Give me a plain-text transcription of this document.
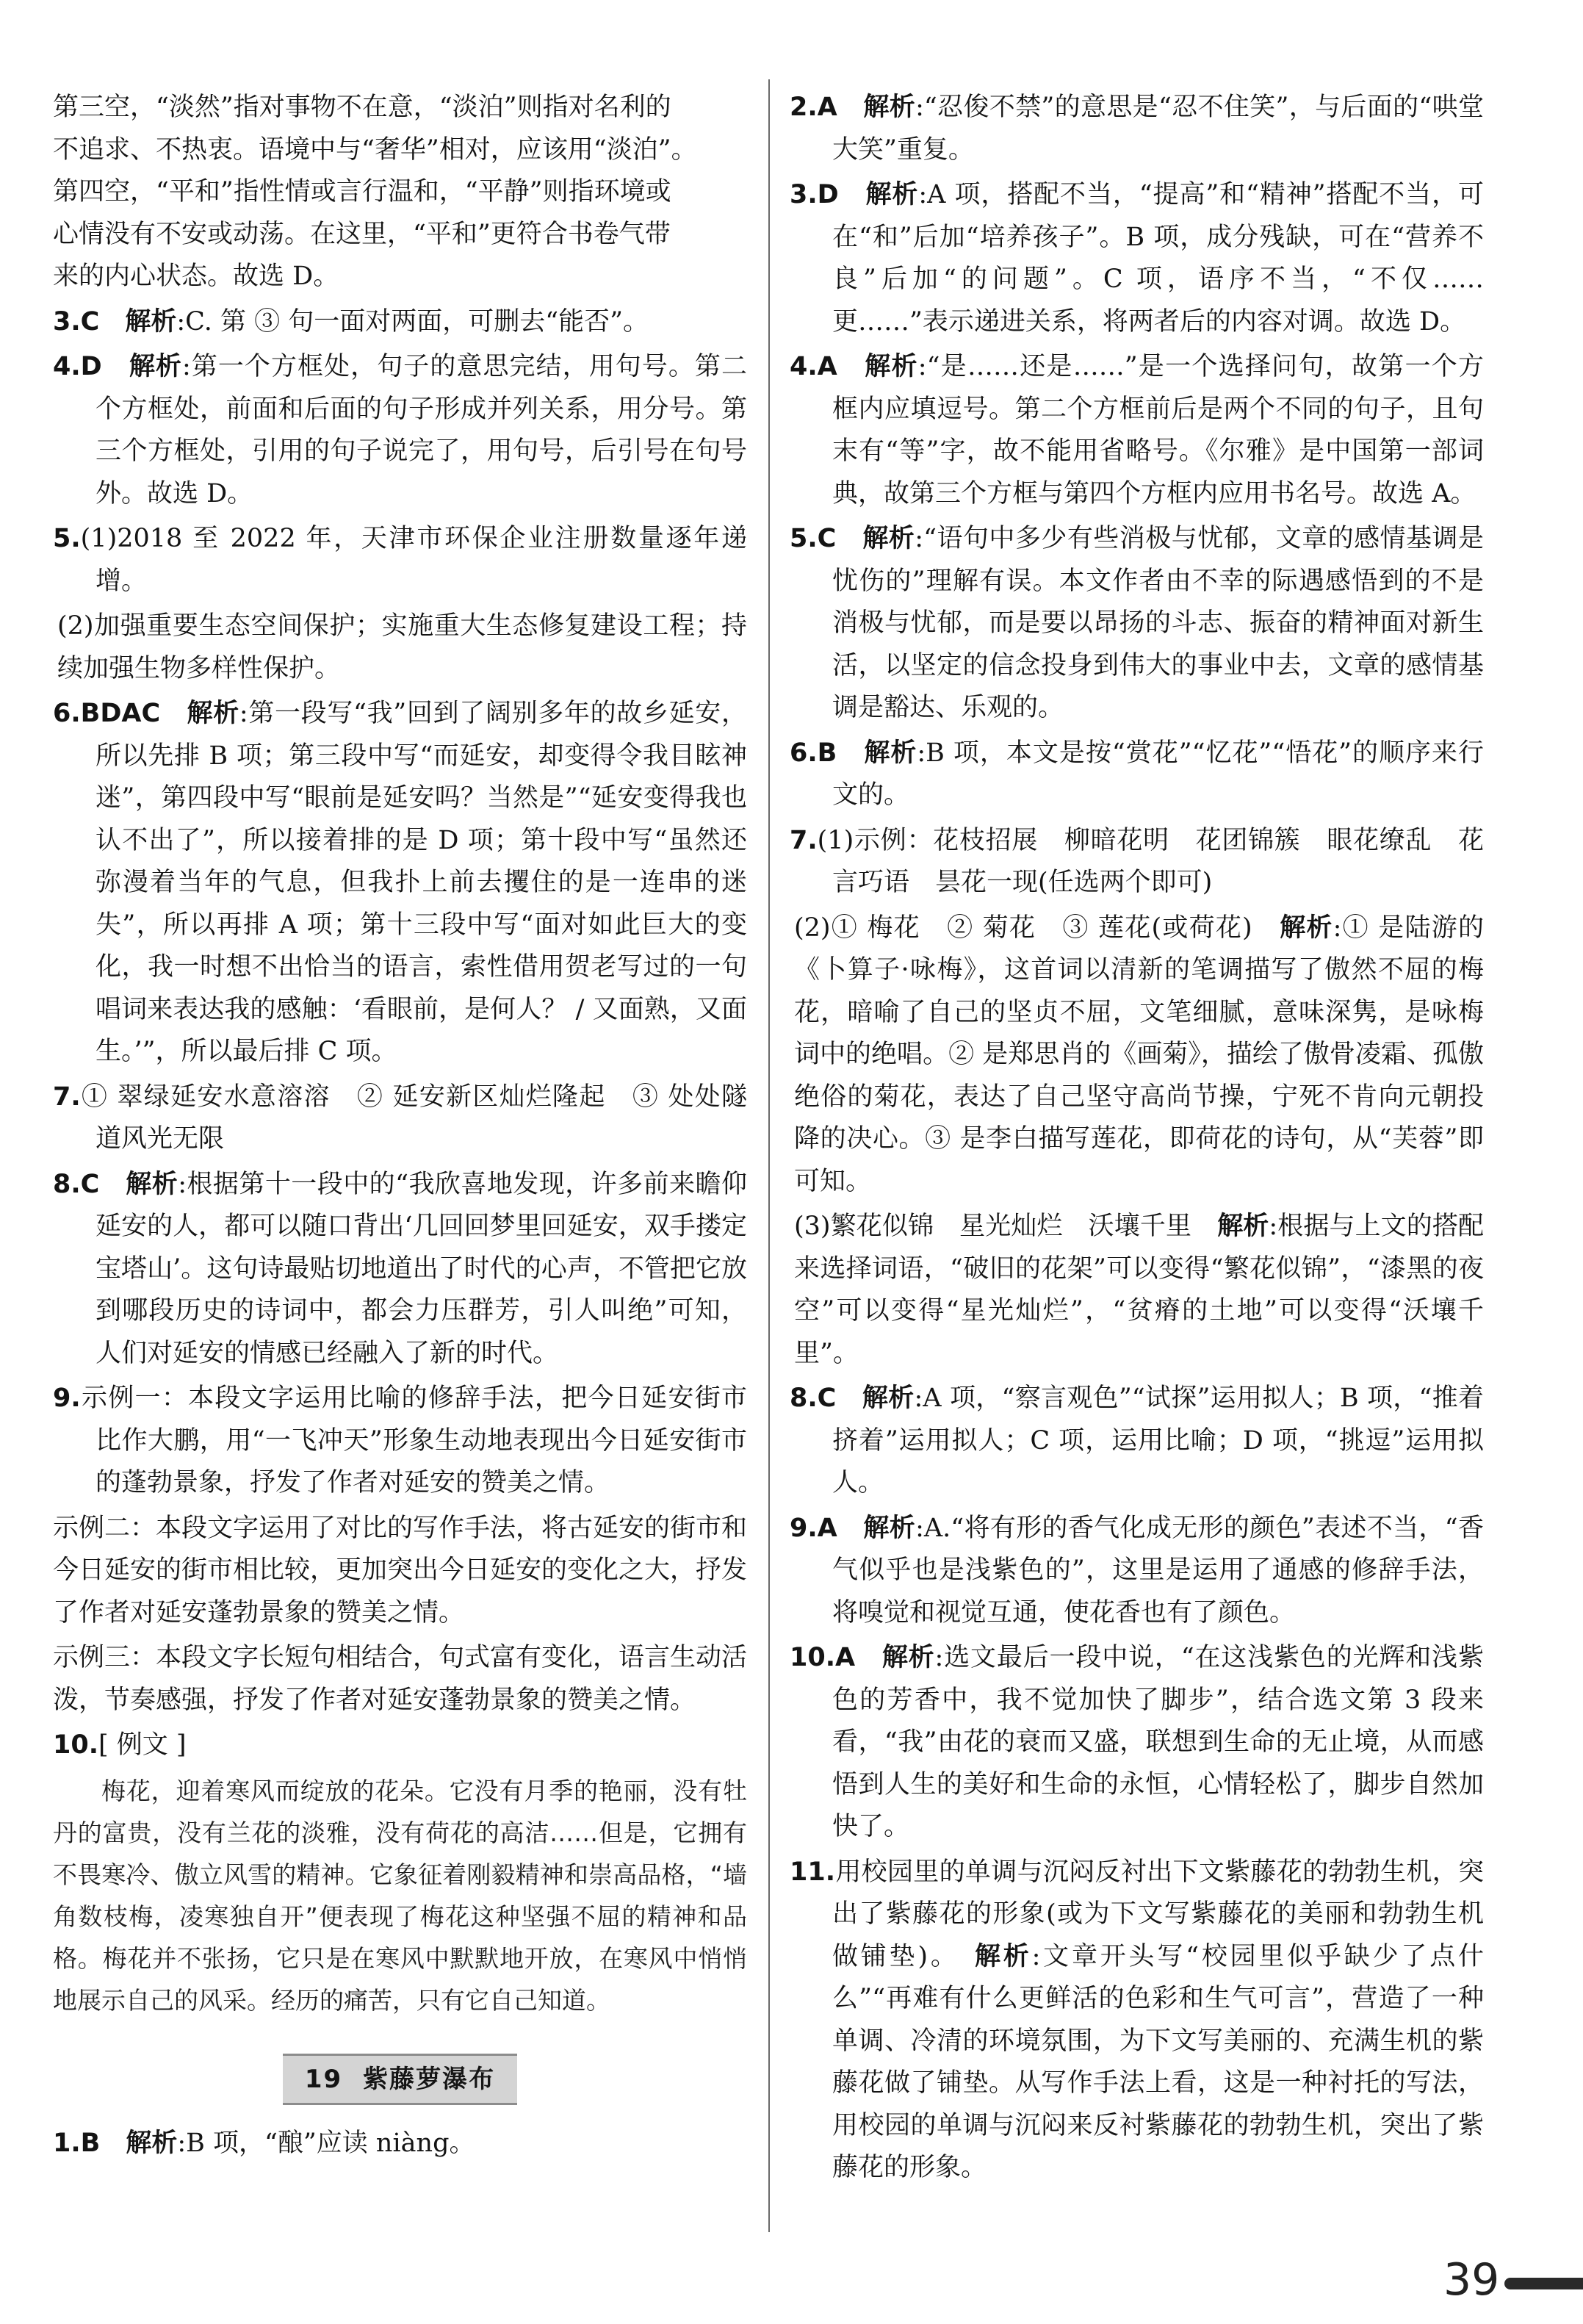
第三空，“淡然”指对事物不在意，“淡泊”则指对名利的
不追求、不热衷。语境中与“奢华”相对，应该用“淡泊”。
第四空，“平和”指性情或言行温和，“平静”则指环境或
心情没有不安或动荡。在这里，“平和”更符合书卷气带
来的内心状态。故选 D。
3.C　 解析:C. 第 ③ 句一面对两面，可删去“能否”。
4.D　 解析:第一个方框处，句子的意思完结，用句号。第二个方框处，前面和后面的句子形成并列关系，用分号。第三个方框处，引用的句子说完了，用句号，后引号在句号外。故选 D。
5.(1)2018 至 2022 年，天津市环保企业注册数量逐年递增。
(2)加强重要生态空间保护；实施重大生态修复建设工程；持续加强生物多样性保护。
6.BDAC　 解析:第一段写“我”回到了阔别多年的故乡延安，所以先排 B 项；第三段中写“而延安，却变得令我目眩神迷”，第四段中写“眼前是延安吗？当然是”“延安变得我也认不出了”，所以接着排的是 D 项；第十段中写“虽然还弥漫着当年的气息，但我扑上前去攫住的是一连串的迷失”，所以再排 A 项；第十三段中写“面对如此巨大的变化，我一时想不出恰当的语言，索性借用贺老写过的一句唱词来表达我的感触：‘看眼前，是何人？ / 又面熟，又面生。’”，所以最后排 C 项。
7.① 翠绿延安水意溶溶　② 延安新区灿烂隆起　③ 处处隧道风光无限
8.C　 解析:根据第十一段中的“我欣喜地发现，许多前来瞻仰延安的人，都可以随口背出‘几回回梦里回延安，双手搂定宝塔山’。这句诗最贴切地道出了时代的心声，不管把它放到哪段历史的诗词中，都会力压群芳，引人叫绝”可知，人们对延安的情感已经融入了新的时代。
9.示例一：本段文字运用比喻的修辞手法，把今日延安街市比作大鹏，用“一飞冲天”形象生动地表现出今日延安街市的蓬勃景象，抒发了作者对延安的赞美之情。
示例二：本段文字运用了对比的写作手法，将古延安的街市和今日延安的街市相比较，更加突出今日延安的变化之大，抒发了作者对延安蓬勃景象的赞美之情。
示例三：本段文字长短句相结合，句式富有变化，语言生动活泼，节奏感强，抒发了作者对延安蓬勃景象的赞美之情。
10.[ 例文 ]
梅花，迎着寒风而绽放的花朵。它没有月季的艳丽，没有牡丹的富贵，没有兰花的淡雅，没有荷花的高洁……但是，它拥有不畏寒冷、傲立风雪的精神。它象征着刚毅精神和崇高品格，“墙角数枝梅，凌寒独自开”便表现了梅花这种坚强不屈的精神和品格。梅花并不张扬，它只是在寒风中默默地开放，在寒风中悄悄地展示自己的风采。经历的痛苦，只有它自己知道。
19 紫藤萝瀑布
1.B　 解析:B 项，“酿”应读 niàng。
2.A　 解析:“忍俊不禁”的意思是“忍不住笑”，与后面的“哄堂大笑”重复。
3.D　 解析:A 项，搭配不当，“提高”和“精神”搭配不当，可在“和”后加“培养孩子”。B 项，成分残缺，可在“营养不良”后加“的问题”。C 项，语序不当，“不仅……更……”表示递进关系，将两者后的内容对调。故选 D。
4.A　 解析:“是……还是……”是一个选择问句，故第一个方框内应填逗号。第二个方框前后是两个不同的句子，且句末有“等”字，故不能用省略号。《尔雅》是中国第一部词典，故第三个方框与第四个方框内应用书名号。故选 A。
5.C　 解析:“语句中多少有些消极与忧郁，文章的感情基调是忧伤的”理解有误。本文作者由不幸的际遇感悟到的不是消极与忧郁，而是要以昂扬的斗志、振奋的精神面对新生活，以坚定的信念投身到伟大的事业中去，文章的感情基调是豁达、乐观的。
6.B　 解析:B 项，本文是按“赏花”“忆花”“悟花”的顺序来行文的。
7.(1)示例：花枝招展　柳暗花明　花团锦簇　眼花缭乱　花言巧语　昙花一现(任选两个即可)
(2)① 梅花　② 菊花　③ 莲花(或荷花)　 解析:① 是陆游的《卜算子·咏梅》，这首词以清新的笔调描写了傲然不屈的梅花，暗喻了自己的坚贞不屈，文笔细腻，意味深隽，是咏梅词中的绝唱。② 是郑思肖的《画菊》，描绘了傲骨凌霜、孤傲绝俗的菊花，表达了自己坚守高尚节操，宁死不肯向元朝投降的决心。③ 是李白描写莲花，即荷花的诗句，从“芙蓉”即可知。
(3)繁花似锦　星光灿烂　沃壤千里　 解析:根据与上文的搭配来选择词语，“破旧的花架”可以变得“繁花似锦”，“漆黑的夜空”可以变得“星光灿烂”，“贫瘠的土地”可以变得“沃壤千里”。
8.C　 解析:A 项，“察言观色”“试探”运用拟人；B 项，“推着挤着”运用拟人；C 项，运用比喻；D 项，“挑逗”运用拟人。
9.A　 解析:A.“将有形的香气化成无形的颜色”表述不当，“香气似乎也是浅紫色的”，这里是运用了通感的修辞手法，将嗅觉和视觉互通，使花香也有了颜色。
10.A　 解析:选文最后一段中说，“在这浅紫色的光辉和浅紫色的芳香中，我不觉加快了脚步”，结合选文第 3 段来看，“我”由花的衰而又盛，联想到生命的无止境，从而感悟到人生的美好和生命的永恒，心情轻松了，脚步自然加快了。
11.用校园里的单调与沉闷反衬出下文紫藤花的勃勃生机，突出了紫藤花的形象(或为下文写紫藤花的美丽和勃勃生机做铺垫)。　 解析:文章开头写“校园里似乎缺少了点什么”“再难有什么更鲜活的色彩和生气可言”，营造了一种单调、冷清的环境氛围，为下文写美丽的、充满生机的紫藤花做了铺垫。从写作手法上看，这是一种衬托的写法，用校园的单调与沉闷来反衬紫藤花的勃勃生机，突出了紫藤花的形象。
39
